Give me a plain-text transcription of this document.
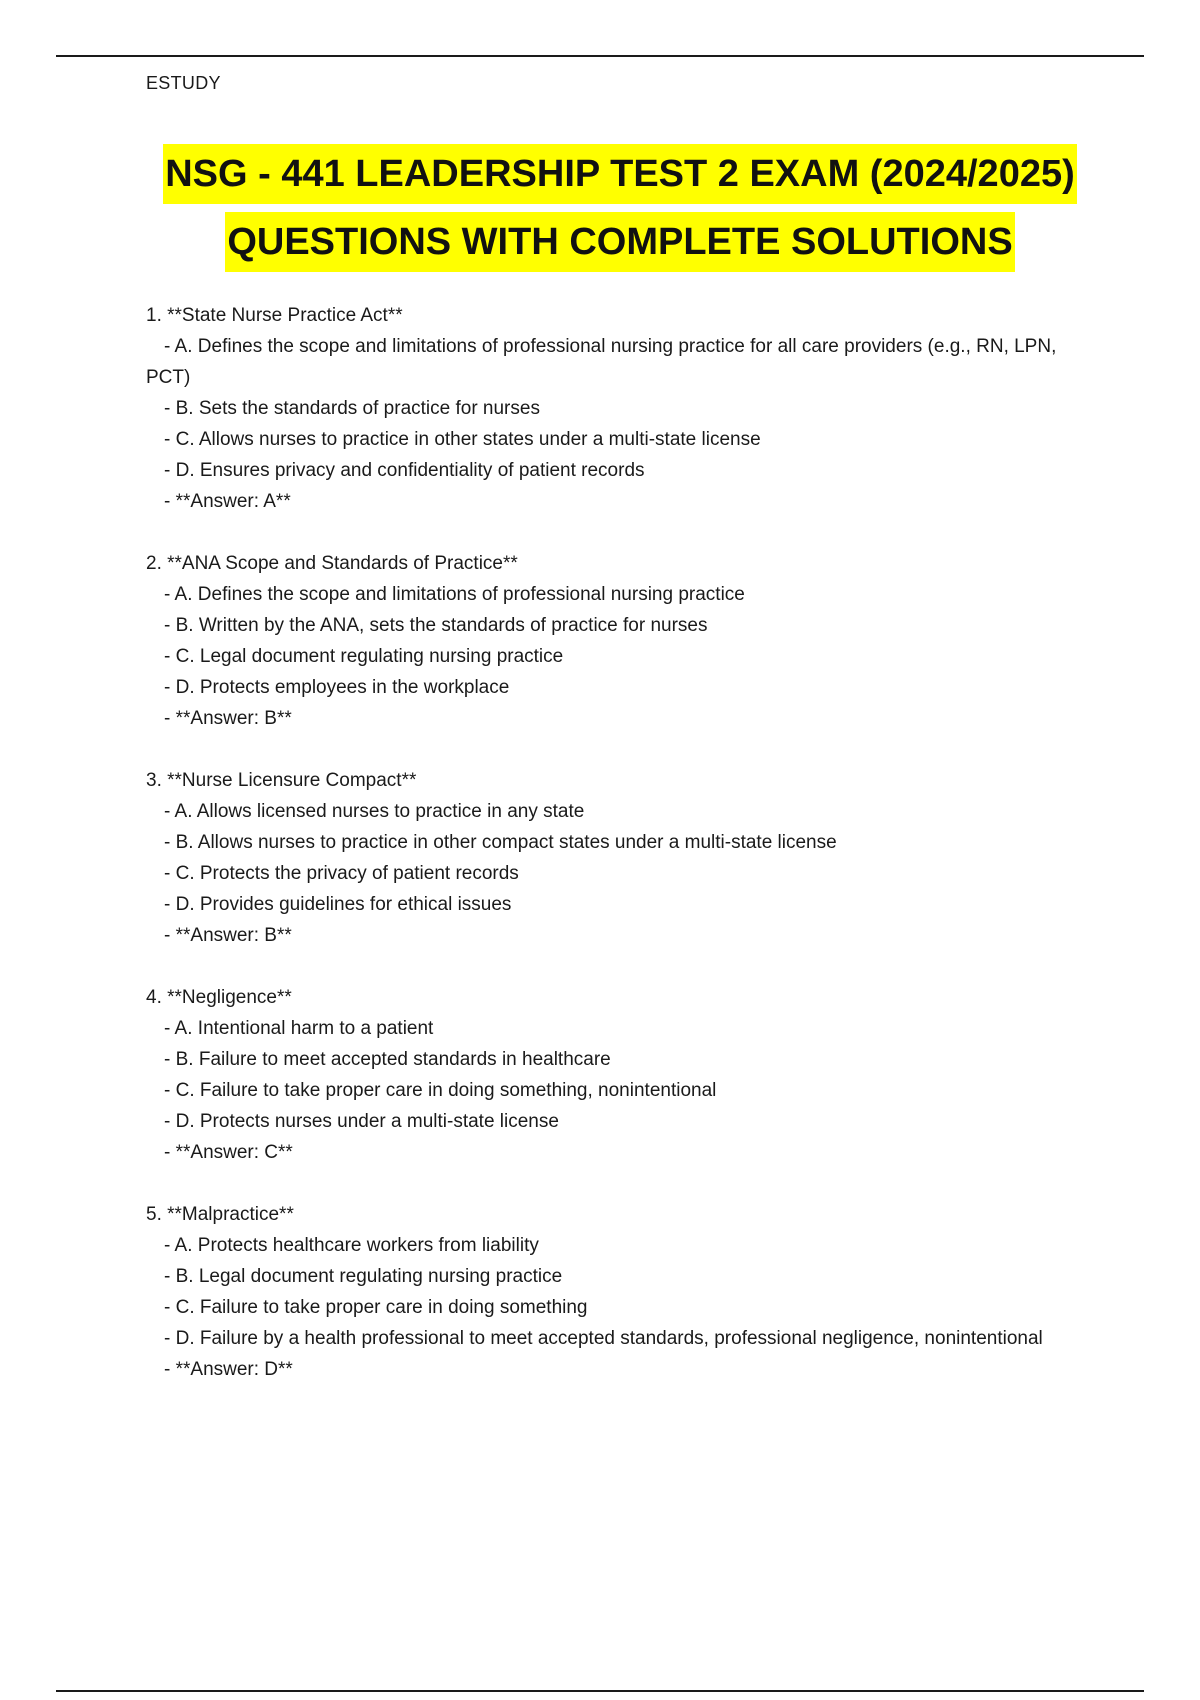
ESTUDY
NSG - 441 LEADERSHIP TEST 2 EXAM (2024/2025)
QUESTIONS WITH COMPLETE SOLUTIONS

1. **State Nurse Practice Act**

- A. Defines the scope and limitations of professional nursing practice for all care providers (e.g., RN, LPN, PCT)

- B. Sets the standards of practice for nurses

- C. Allows nurses to practice in other states under a multi-state license

- D. Ensures privacy and confidentiality of patient records

- **Answer: A**

2. **ANA Scope and Standards of Practice**

- A. Defines the scope and limitations of professional nursing practice

- B. Written by the ANA, sets the standards of practice for nurses

- C. Legal document regulating nursing practice

- D. Protects employees in the workplace

- **Answer: B**

3. **Nurse Licensure Compact**

- A. Allows licensed nurses to practice in any state

- B. Allows nurses to practice in other compact states under a multi-state license

- C. Protects the privacy of patient records

- D. Provides guidelines for ethical issues

- **Answer: B**

4. **Negligence**

- A. Intentional harm to a patient

- B. Failure to meet accepted standards in healthcare

- C. Failure to take proper care in doing something, nonintentional

- D. Protects nurses under a multi-state license

- **Answer: C**

5. **Malpractice**

- A. Protects healthcare workers from liability

- B. Legal document regulating nursing practice

- C. Failure to take proper care in doing something

- D. Failure by a health professional to meet accepted standards, professional negligence, nonintentional

- **Answer: D**
